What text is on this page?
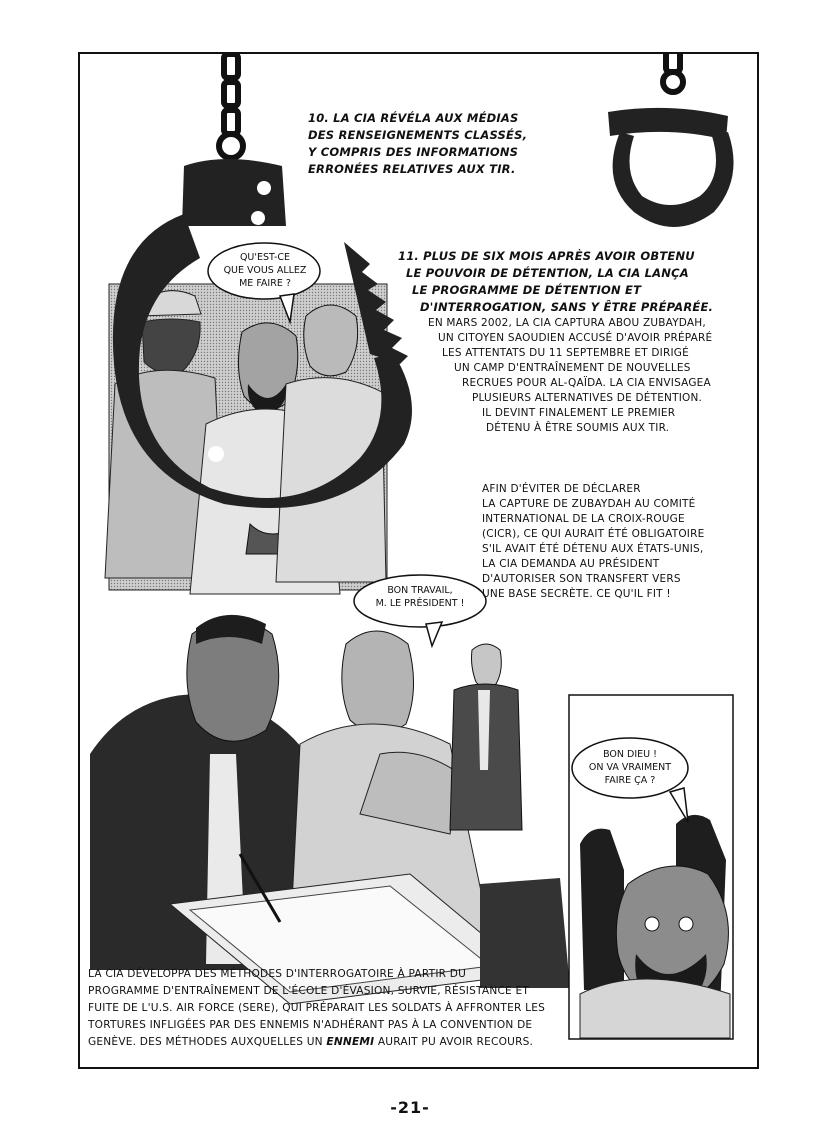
10. LA CIA RÉVÉLA AUX MÉDIAS
DES RENSEIGNEMENTS CLASSÉS,
Y COMPRIS DES INFORMATIONS
ERRONÉES RELATIVES AUX TIR.
11. PLUS DE SIX MOIS APRÈS AVOIR OBTENU
LE POUVOIR DE DÉTENTION, LA CIA LANÇA
LE PROGRAMME DE DÉTENTION ET
D'INTERROGATION, SANS Y ÊTRE PRÉPARÉE.
EN MARS 2002, LA CIA CAPTURA ABOU ZUBAYDAH,
UN CITOYEN SAOUDIEN ACCUSÉ D'AVOIR PRÉPARÉ
LES ATTENTATS DU 11 SEPTEMBRE ET DIRIGÉ
UN CAMP D'ENTRAÎNEMENT DE NOUVELLES
RECRUES POUR AL-QAÏDA. LA CIA ENVISAGEA
PLUSIEURS ALTERNATIVES DE DÉTENTION.
IL DEVINT FINALEMENT LE PREMIER
DÉTENU À ÊTRE SOUMIS AUX TIR.
AFIN D'ÉVITER DE DÉCLARER
LA CAPTURE DE ZUBAYDAH AU COMITÉ
INTERNATIONAL DE LA CROIX-ROUGE
(CICR), CE QUI AURAIT ÉTÉ OBLIGATOIRE
S'IL AVAIT ÉTÉ DÉTENU AUX ÉTATS-UNIS,
LA CIA DEMANDA AU PRÉSIDENT
D'AUTORISER SON TRANSFERT VERS
UNE BASE SECRÈTE. CE QU'IL FIT !
LA CIA DÉVELOPPA DES MÉTHODES D'INTERROGATOIRE À PARTIR DU
PROGRAMME D'ENTRAÎNEMENT DE L'ÉCOLE D'ÉVASION, SURVIE, RÉSISTANCE ET
FUITE DE L'U.S. AIR FORCE (SERE), QUI PRÉPARAIT LES SOLDATS À AFFRONTER LES
TORTURES INFLIGÉES PAR DES ENNEMIS N'ADHÉRANT PAS À LA CONVENTION DE
GENÈVE. DES MÉTHODES AUXQUELLES UN ENNEMI AURAIT PU AVOIR RECOURS.
QU'EST-CE
QUE VOUS ALLEZ
ME FAIRE ?
BON TRAVAIL,
M. LE PRÉSIDENT !
BON DIEU !
ON VA VRAIMENT
FAIRE ÇA ?
-21-
